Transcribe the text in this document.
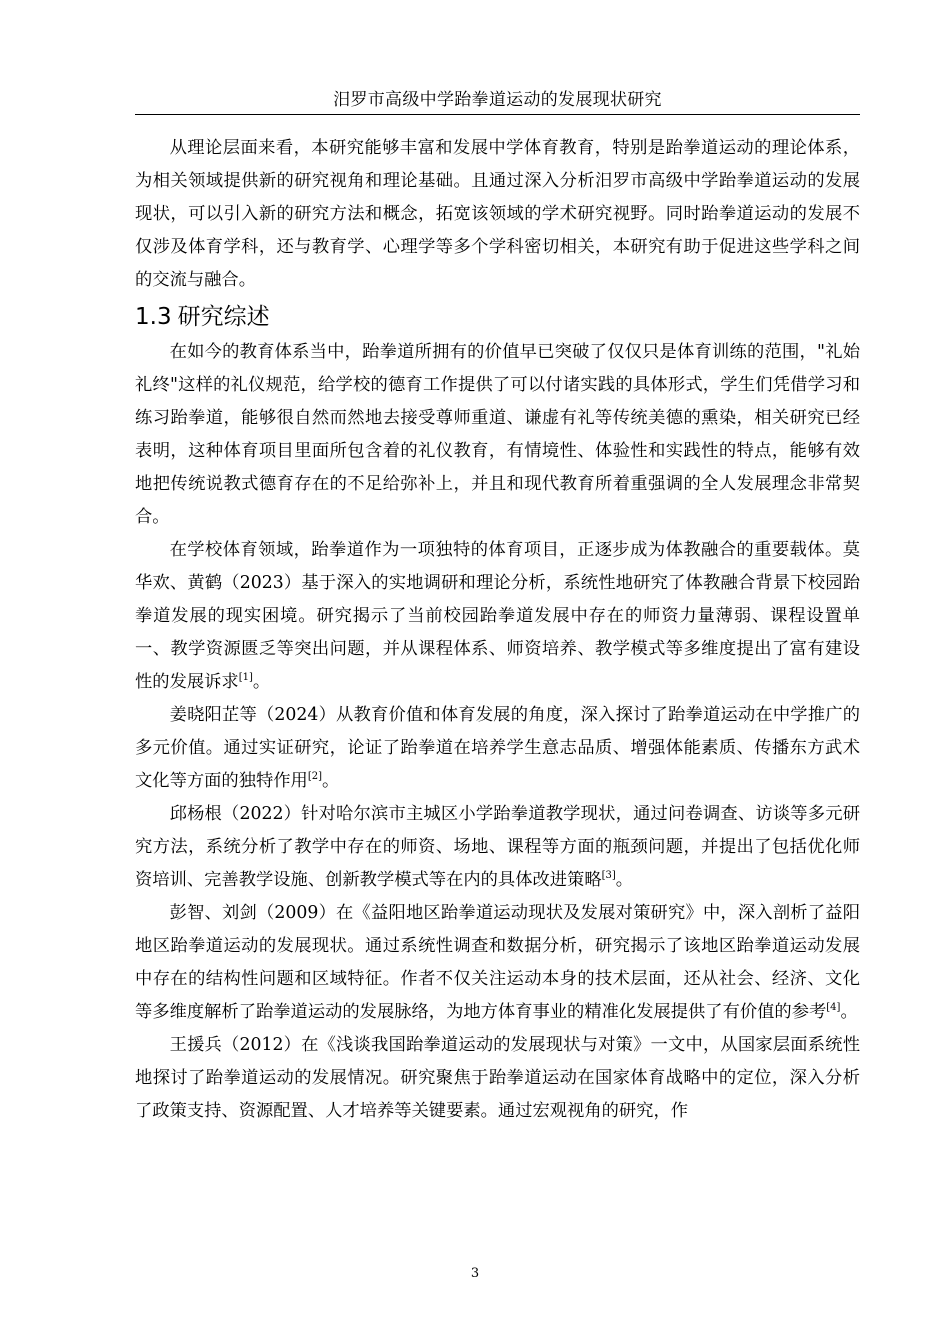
汨罗市高级中学跆拳道运动的发展现状研究

从理论层面来看，本研究能够丰富和发展中学体育教育，特别是跆拳道运动的理论体系，为相关领域提供新的研究视角和理论基础。且通过深入分析汨罗市高级中学跆拳道运动的发展现状，可以引入新的研究方法和概念，拓宽该领域的学术研究视野。同时跆拳道运动的发展不仅涉及体育学科，还与教育学、心理学等多个学科密切相关，本研究有助于促进这些学科之间的交流与融合。

1.3 研究综述

在如今的教育体系当中，跆拳道所拥有的价值早已突破了仅仅只是体育训练的范围，"礼始礼终"这样的礼仪规范，给学校的德育工作提供了可以付诸实践的具体形式，学生们凭借学习和练习跆拳道，能够很自然而然地去接受尊师重道、谦虚有礼等传统美德的熏染，相关研究已经表明，这种体育项目里面所包含着的礼仪教育，有情境性、体验性和实践性的特点，能够有效地把传统说教式德育存在的不足给弥补上，并且和现代教育所着重强调的全人发展理念非常契合。

在学校体育领域，跆拳道作为一项独特的体育项目，正逐步成为体教融合的重要载体。莫华欢、黄鹤（2023）基于深入的实地调研和理论分析，系统性地研究了体教融合背景下校园跆拳道发展的现实困境。研究揭示了当前校园跆拳道发展中存在的师资力量薄弱、课程设置单一、教学资源匮乏等突出问题，并从课程体系、师资培养、教学模式等多维度提出了富有建设性的发展诉求[1]。

姜晓阳芷等（2024）从教育价值和体育发展的角度，深入探讨了跆拳道运动在中学推广的多元价值。通过实证研究，论证了跆拳道在培养学生意志品质、增强体能素质、传播东方武术文化等方面的独特作用[2]。

邱杨根（2022）针对哈尔滨市主城区小学跆拳道教学现状，通过问卷调查、访谈等多元研究方法，系统分析了教学中存在的师资、场地、课程等方面的瓶颈问题，并提出了包括优化师资培训、完善教学设施、创新教学模式等在内的具体改进策略[3]。

彭智、刘剑（2009）在《益阳地区跆拳道运动现状及发展对策研究》中，深入剖析了益阳地区跆拳道运动的发展现状。通过系统性调查和数据分析，研究揭示了该地区跆拳道运动发展中存在的结构性问题和区域特征。作者不仅关注运动本身的技术层面，还从社会、经济、文化等多维度解析了跆拳道运动的发展脉络，为地方体育事业的精准化发展提供了有价值的参考[4]。

王援兵（2012）在《浅谈我国跆拳道运动的发展现状与对策》一文中，从国家层面系统性地探讨了跆拳道运动的发展情况。研究聚焦于跆拳道运动在国家体育战略中的定位，深入分析了政策支持、资源配置、人才培养等关键要素。通过宏观视角的研究，作

3
